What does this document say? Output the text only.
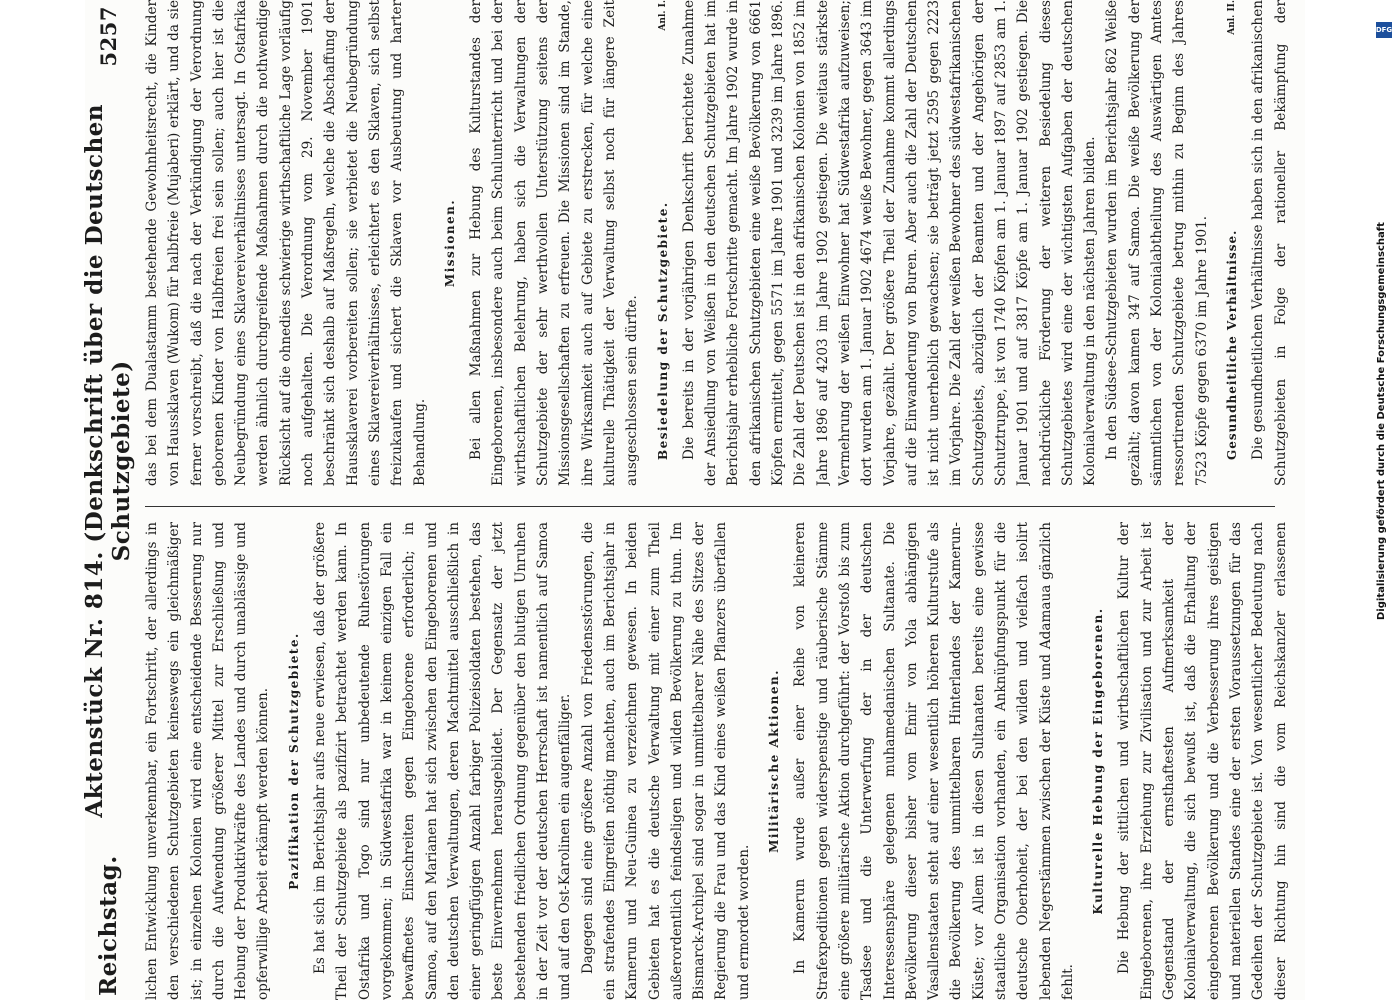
Reichstag.
Aktenstück Nr. 814. (Denkschrift über die Deutschen Schutzgebiete)
5257

lichen Entwicklung unverkennbar, ein Fortschritt, der allerdings in den verschiedenen Schutzgebieten keineswegs ein gleichmäßiger ist; in einzelnen Kolonien wird eine entscheidende Besserung nur durch die Aufwendung größerer Mittel zur Erschließung und Hebung der Produktivkräfte des Landes und durch unablässige und opferwillige Arbeit erkämpft werden können.	Pazifikation der Schutzgebiete. Es hat sich im Berichtsjahr aufs neue erwiesen, daß der größere Theil der Schutzgebiete als pazifizirt betrachtet werden kann. In Ostafrika und Togo sind nur unbedeutende Ruhestörungen vorgekommen; in Südwestafrika war in keinem einzigen Fall ein bewaffnetes Einschreiten gegen Eingeborene erforderlich; in Samoa, auf den Marianen hat sich zwischen den Eingeborenen und den deutschen Verwaltungen, deren Machtmittel ausschließlich in einer geringfügigen Anzahl farbiger Polizeisoldaten bestehen, das beste Einvernehmen herausgebildet. Der Gegensatz der jetzt bestehenden friedlichen Ordnung gegenüber den blutigen Unruhen in der Zeit vor der deutschen Herrschaft ist namentlich auf Samoa und auf den Ost-Karolinen ein augenfälliger. Dagegen sind eine größere Anzahl von Friedensstörungen, die ein strafendes Eingreifen nöthig machten, auch im Berichtsjahr in Kamerun und Neu-Guinea zu verzeichnen gewesen. In beiden Gebieten hat es die deutsche Verwaltung mit einer zum Theil außerordentlich feindseligen und wilden Bevölkerung zu thun. Im Bismarck-Archipel sind sogar in unmittelbarer Nähe des Sitzes der Regierung die Frau und das Kind eines weißen Pflanzers überfallen und ermordet worden.

Militärische Aktionen. In Kamerun wurde außer einer Reihe von kleineren Strafexpeditionen gegen widerspenstige und räuberische Stämme eine größere militärische Aktion durchgeführt: der Vorstoß bis zum Tsadsee und die Unterwerfung der in der deutschen Interessensphäre gelegenen muhamedanischen Sultanate. Die Bevölkerung dieser bisher vom Emir von Yola abhängigen Vasallenstaaten steht auf einer wesentlich höheren Kulturstufe als die Bevölkerung des unmittelbaren Hinterlandes der Kamerun-Küste; vor Allem ist in diesen Sultanaten bereits eine gewisse staatliche Organisation vorhanden, ein Anknüpfungspunkt für die deutsche Oberhoheit, der bei den wilden und vielfach isolirt lebenden Negerstämmen zwischen der Küste und Adamaua gänzlich fehlt.

Kulturelle Hebung der Eingeborenen.

Die Hebung der sittlichen und wirthschaftlichen Kultur der Eingeborenen, ihre Erziehung zur Zivilisation und zur Arbeit ist Gegenstand der ernsthaftesten Aufmerksamkeit der Kolonialverwaltung, die sich bewußt ist, daß die Erhaltung der eingeborenen Bevölkerung und die Verbesserung ihres geistigen und materiellen Standes eine der ersten Voraussetzungen für das Gedeihen der Schutzgebiete ist. Von wesentlicher Bedeutung nach dieser Richtung hin sind die vom Reichskanzler erlassenen

das bei dem Dualastamm bestehende Gewohnheitsrecht, die Kinder von Haussklaven (Wukom) für halbfreie (Mujaberi) erklärt, und da sie ferner vorschreibt, daß die nach der Verkündigung der Verordnung geborenen Kinder von Halbfreien frei sein sollen; auch hier ist die Neubegründung eines Sklavereiverhältnisses untersagt. In Ostafrika werden ähnlich durchgreifende Maßnahmen durch die nothwendige Rücksicht auf die ohnedies schwierige wirthschaftliche Lage vorläufig noch aufgehalten. Die Verordnung vom 29. November 1901 beschränkt sich deshalb auf Maßregeln, welche die Abschaffung der Haussklaverei vorbereiten sollen; sie verbietet die Neubegründung eines Sklavereiverhältnisses, erleichtert es den Sklaven, sich selbst freizukaufen und sichert die Sklaven vor Ausbeutung und harter Behandlung.

Missionen. Bei allen Maßnahmen zur Hebung des Kulturstandes der Eingeborenen, insbesondere auch beim Schulunterricht und bei der wirthschaftlichen Belehrung, haben sich die Verwaltungen der Schutzgebiete der sehr werthvollen Unterstützung seitens der Missionsgesellschaften zu erfreuen. Die Missionen sind im Stande, ihre Wirksamkeit auch auf Gebiete zu erstrecken, für welche eine kulturelle Thätigkeit der Verwaltung selbst noch für längere Zeit ausgeschlossen sein dürfte.	Besiedelung der Schutzgebiete.
Anl. I. Die bereits in der vorjährigen Denkschrift berichtete Zunahme der Ansiedlung von Weißen in den deutschen Schutzgebieten hat im Berichtsjahr erhebliche Fortschritte gemacht. Im Jahre 1902 wurde in den afrikanischen Schutzgebieten eine weiße Bevölkerung von 6661 Köpfen ermittelt, gegen 5571 im Jahre 1901 und 3239 im Jahre 1896. Die Zahl der Deutschen ist in den afrikanischen Kolonien von 1852 im Jahre 1896 auf 4203 im Jahre 1902 gestiegen. Die weitaus stärkste Vermehrung der weißen Einwohner hat Südwestafrika aufzuweisen; dort wurden am 1. Januar 1902 4674 weiße Bewohner, gegen 3643 im Vorjahre, gezählt. Der größere Theil der Zunahme kommt allerdings auf die Einwanderung von Buren. Aber auch die Zahl der Deutschen ist nicht unerheblich gewachsen; sie beträgt jetzt 2595 gegen 2223 im Vorjahre. Die Zahl der weißen Bewohner des südwestafrikanischen Schutzgebiets, abzüglich der Beamten und der Angehörigen der Schutztruppe, ist von 1740 Köpfen am 1. Januar 1897 auf 2853 am 1. Januar 1901 und auf 3817 Köpfe am 1. Januar 1902 gestiegen. Die nachdrückliche Förderung der weiteren Besiedelung dieses Schutzgebietes wird eine der wichtigsten Aufgaben der deutschen Kolonialverwaltung in den nächsten Jahren bilden. In den Südsee-Schutzgebieten wurden im Berichtsjahr 862 Weiße gezählt; davon kamen 347 auf Samoa. Die weiße Bevölkerung der sämmtlichen von der Kolonialabtheilung des Auswärtigen Amtes ressortirenden Schutzgebiete betrug mithin zu Beginn des Jahres 7523 Köpfe gegen 6370 im Jahre 1901.	Gesundheitliche Verhältnisse.
Anl. II.

Die gesundheitlichen Verhältnisse haben sich in den afrikanischen Schutzgebieten in Folge der rationeller Bekämpfung der

DFG
Digitalisierung gefördert durch die Deutsche Forschungsgemeinschaft
